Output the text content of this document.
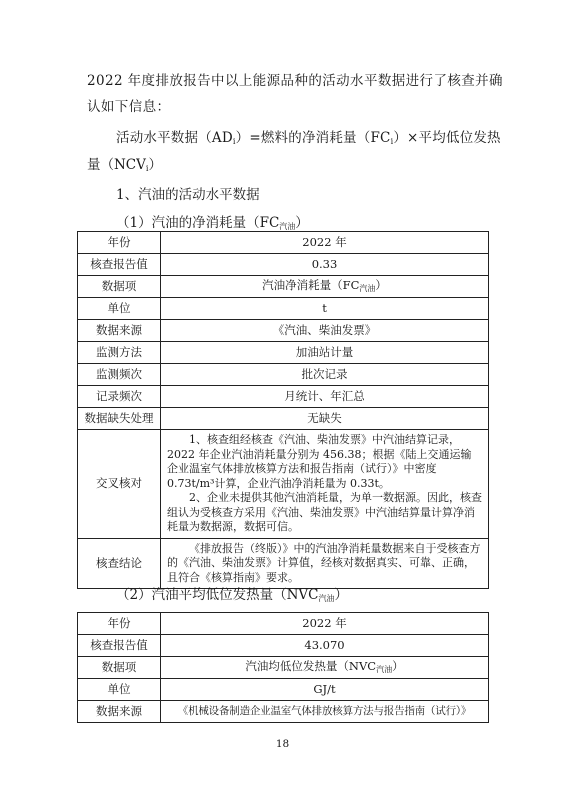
2022 年度排放报告中以上能源品种的活动水平数据进行了核查并确
认如下信息：
活动水平数据$(AD_i)=$燃料的净消耗量$(FC_i)\times$平均低位发热
量$(NCV_i)$
1、汽油的活动水平数据
（1）汽油的净消耗量$(FC_{汽油})$
年份	2022 年
核查报告值	0.33
数据项	汽油净消耗量$(FC_{汽油})$
单位	t
数据来源	《汽油、柴油发票》
监测方法	加油站计量
监测频次	批次记录
记录频次	月统计、年汇总
数据缺失处理	无缺失
交叉核对	1、核查组经核查《汽油、柴油发票》中汽油结算记录，2022 年企业汽油消耗量分别为 456.38；根据《陆上交通运输企业温室气体排放核算方法和报告指南（试行）》中密度 0.73t/m³计算，企业汽油净消耗量为 0.33t。
2、企业未提供其他汽油消耗量，为单一数据源。因此，核查组认为受核查方采用《汽油、柴油发票》中汽油结算量计算净消耗量为数据源，数据可信。

核查结论	《排放报告（终版）》中的汽油净消耗量数据来自于受核查方的《汽油、柴油发票》计算值，经核对数据真实、可靠、正确，且符合《核算指南》要求。
（2）汽油平均低位发热量$(NVC_{汽油})$
年份	2022 年
核查报告值	43.070
数据项	汽油均低位发热量$(NVC_{汽油})$
单位	GJ/t
数据来源	《机械设备制造企业温室气体排放核算方法与报告指南（试行）》
18
